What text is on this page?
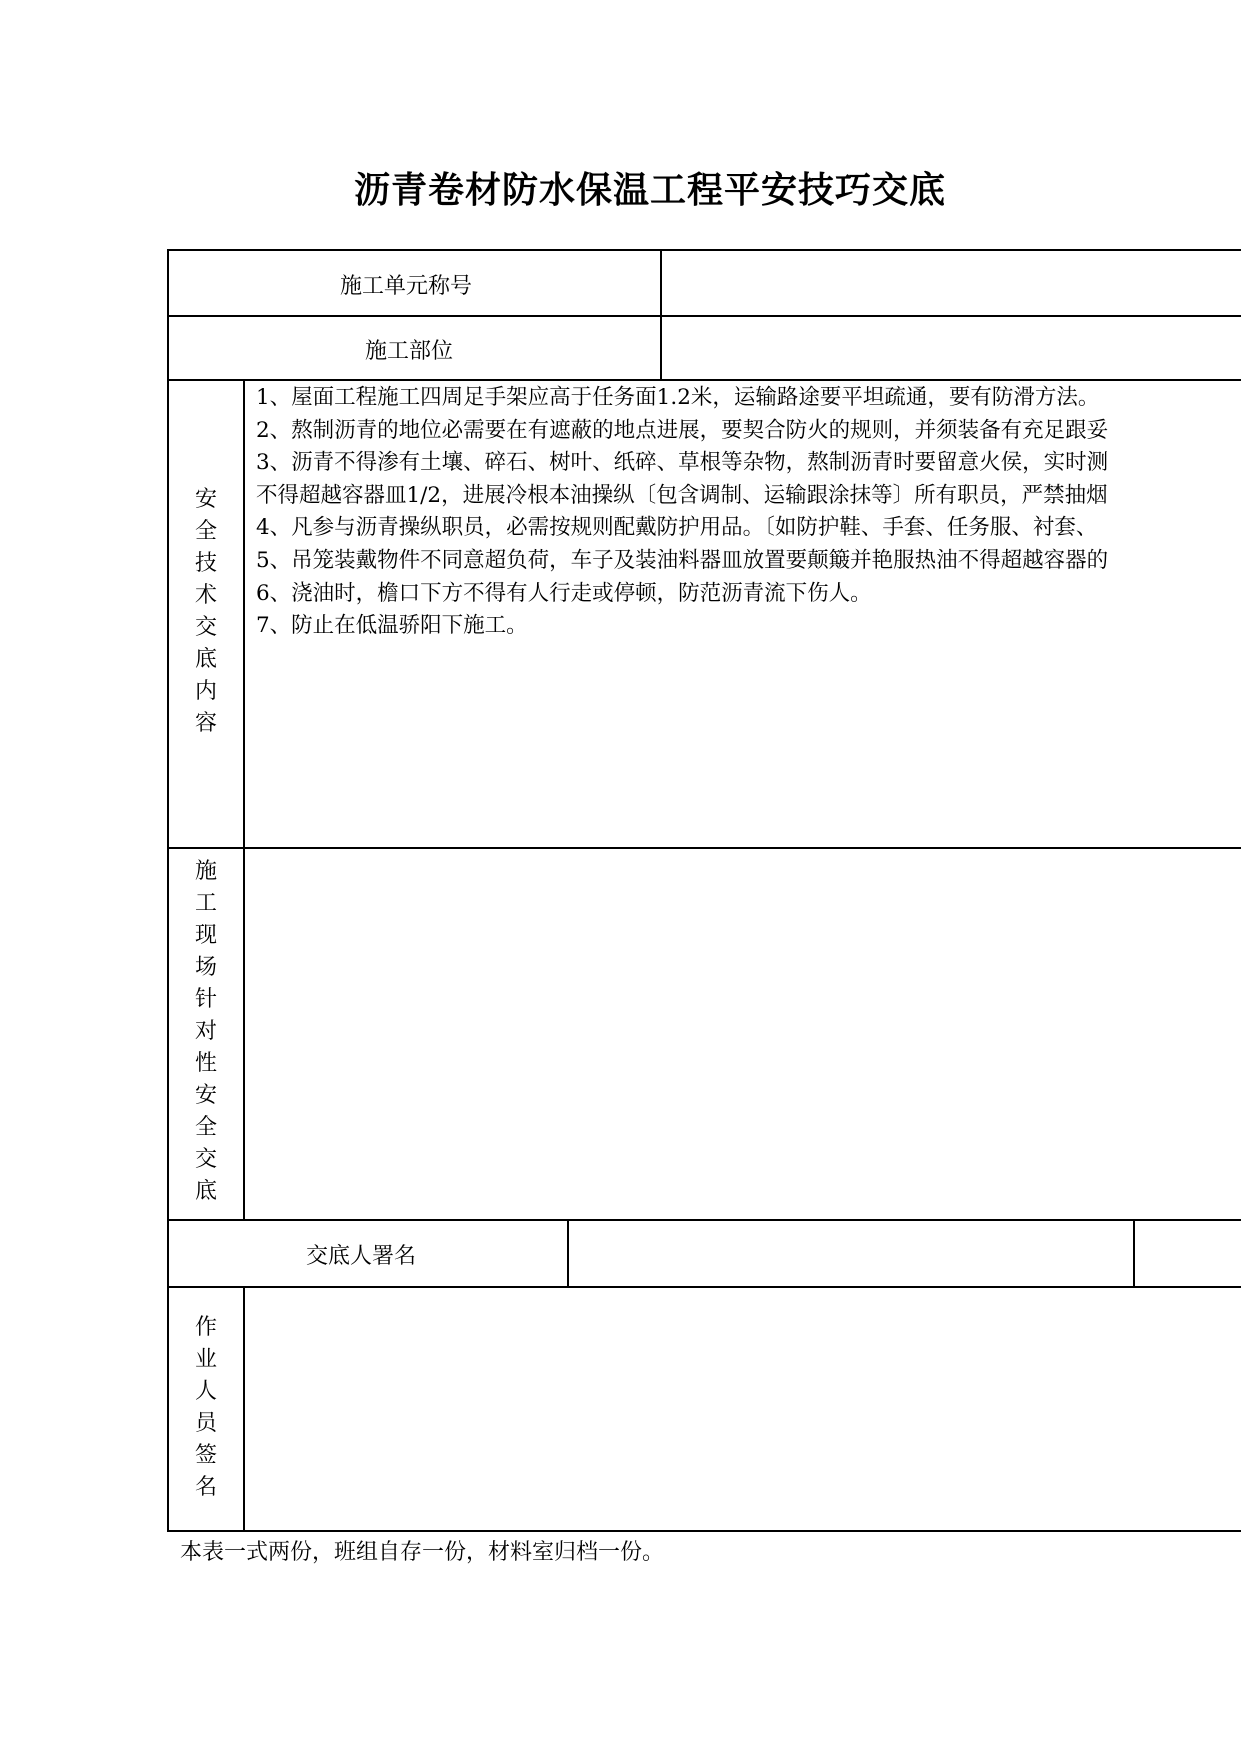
沥青卷材防水保温工程平安技巧交底
施工单元称号
施工部位
安
全
技
术
交
底
内
容
1、屋面工程施工四周足手架应高于任务面1.2米，运输路途要平坦疏通，要有防滑方法。
2、熬制沥青的地位必需要在有遮蔽的地点进展，要契合防火的规则，并须装备有充足跟妥
3、沥青不得渗有土壤、碎石、树叶、纸碎、草根等杂物，熬制沥青时要留意火侯，实时测
不得超越容器皿1/2，进展冷根本油操纵〔包含调制、运输跟涂抹等〕所有职员，严禁抽烟
4、凡参与沥青操纵职员，必需按规则配戴防护用品。〔如防护鞋、手套、任务服、衬套、
5、吊笼装戴物件不同意超负荷，车子及装油料器皿放置要颠簸并艳服热油不得超越容器的
6、浇油时，檐口下方不得有人行走或停顿，防范沥青流下伤人。
7、防止在低温骄阳下施工。
施
工
现
场
针
对
性
安
全
交
底
交底人署名
作
业
人
员
签
名
本表一式两份，班组自存一份，材料室归档一份。
